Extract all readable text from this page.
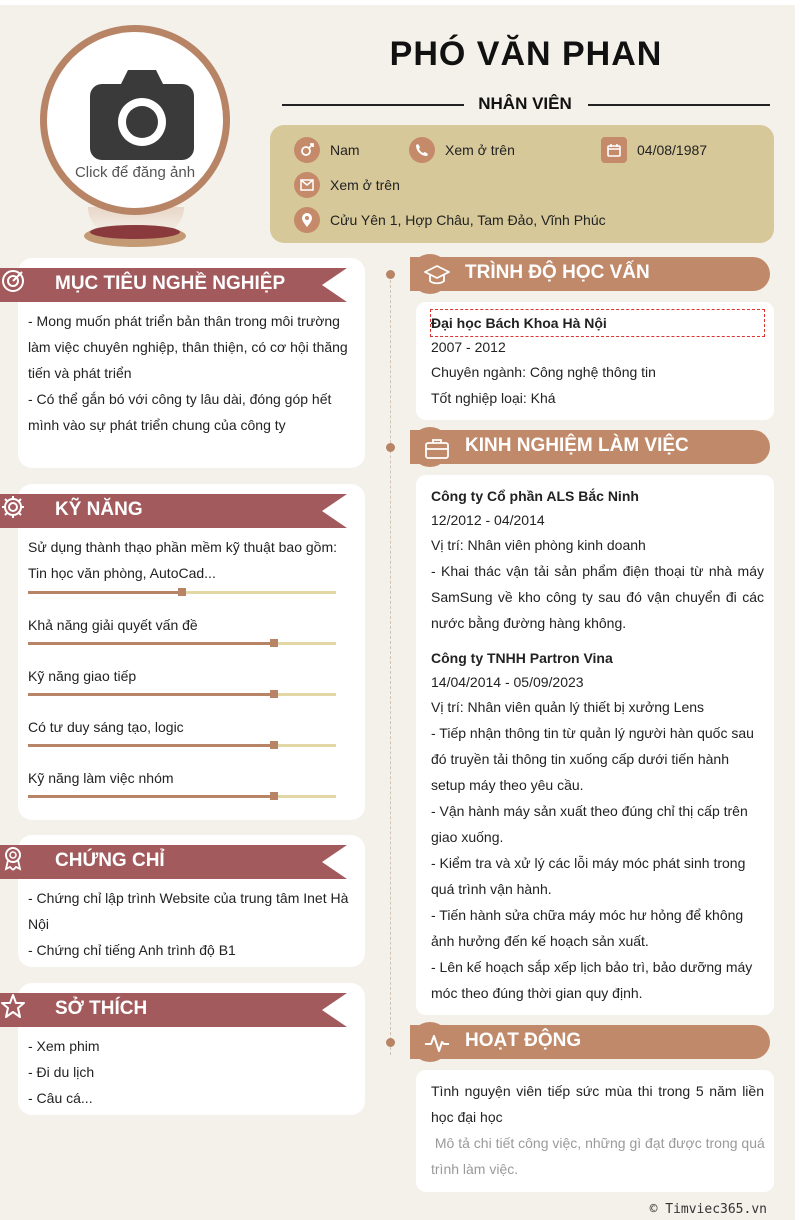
Click để đăng ảnh
PHÓ VĂN PHAN
NHÂN VIÊN
Nam	Xem ở trên	04/08/1987
Xem ở trên
Cửu Yên 1, Hợp Châu, Tam Đảo, Vĩnh Phúc
MỤC TIÊU NGHỀ NGHIỆP
- Mong muốn phát triển bản thân trong môi trường
làm việc chuyên nghiệp, thân thiện, có cơ hội thăng
tiến và phát triển
- Có thể gắn bó với công ty lâu dài, đóng góp hết
mình vào sự phát triển chung của công ty
KỸ NĂNG
Sử dụng thành thạo phần mềm kỹ thuật bao gồm:
Tin học văn phòng, AutoCad...
Khả năng giải quyết vấn đề
Kỹ năng giao tiếp
Có tư duy sáng tạo, logic
Kỹ năng làm việc nhóm
CHỨNG CHỈ
- Chứng chỉ lập trình Website của trung tâm Inet Hà
Nội
- Chứng chỉ tiếng Anh trình độ B1
SỞ THÍCH
- Xem phim
- Đi du lịch
- Câu cá...
TRÌNH ĐỘ HỌC VẤN
Đại học Bách Khoa Hà Nội
2007 - 2012
Chuyên ngành: Công nghệ thông tin
Tốt nghiệp loại: Khá
KINH NGHIỆM LÀM VIỆC
Công ty Cổ phần ALS Bắc Ninh
12/2012 - 04/2014
Vị trí: Nhân viên phòng kinh doanh
- Khai thác vận tải sản phẩm điện thoại từ nhà máy
SamSung về kho công ty sau đó vận chuyển đi các
nước bằng đường hàng không.
Công ty TNHH Partron Vina
14/04/2014 - 05/09/2023
Vị trí: Nhân viên quản lý thiết bị xưởng Lens
- Tiếp nhận thông tin từ quản lý người hàn quốc sau
đó truyền tải thông tin xuống cấp dưới tiến hành
setup máy theo yêu cầu.
- Vận hành máy sản xuất theo đúng chỉ thị cấp trên
giao xuống.
- Kiểm tra và xử lý các lỗi máy móc phát sinh trong
quá trình vận hành.
- Tiến hành sửa chữa máy móc hư hỏng để không
ảnh hưởng đến kế hoạch sản xuất.
- Lên kế hoạch sắp xếp lịch bảo trì, bảo dưỡng máy
móc theo đúng thời gian quy định.
HOẠT ĐỘNG
Tình nguyện viên tiếp sức mùa thi trong 5 năm liền
học đại học
Mô tả chi tiết công việc, những gì đạt được trong quá
trình làm việc.
© Timviec365.vn
